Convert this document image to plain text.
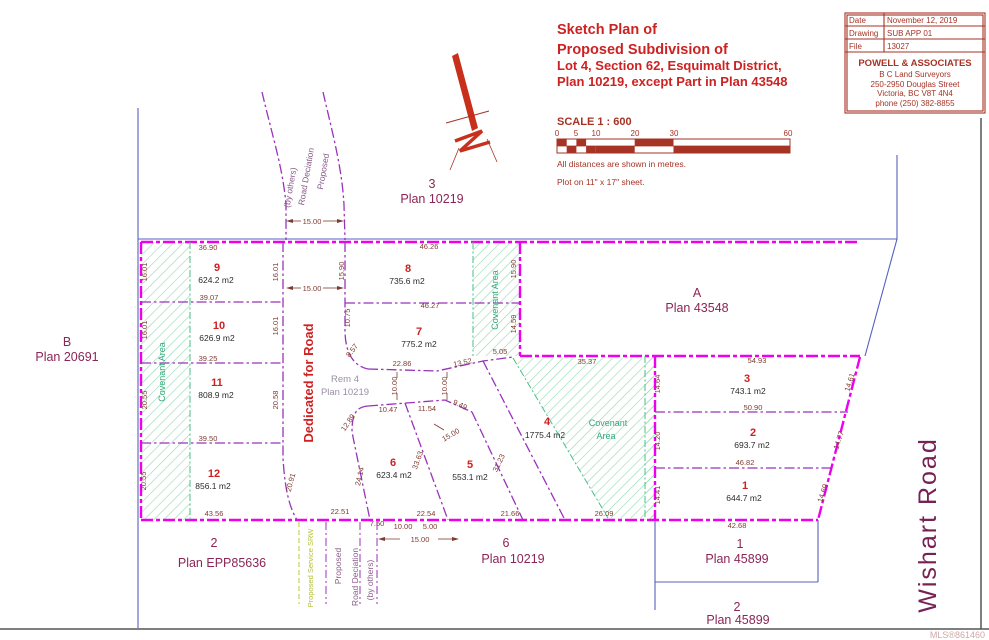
Date	November 12, 2019
Drawing SUB APP 01
File	13027
POWELL & ASSOCIATES
B C Land Surveyors
250-2950 Douglas Street
Victoria, BC V8T 4N4
phone (250) 382-8855
Sketch Plan of
Proposed Subdivision of
Lot 4, Section 62, Esquimalt District,
Plan 10219, except Part in Plan 43548
SCALE 1 : 600
0 5 10	20	30	60
All distances are shown in metres.
Plot on 11" x 17" sheet.
B
Plan 20691
3
Plan 10219
A
Plan 43548
Rem 4
Plan 10219
2
Plan EPP85636
6
Plan 10219
1
Plan 45899
2
Plan 45899
Wishart Road
Dedicated for Road
Proposed
Road Deciation
(by others)
Proposed Service SRW Proposed Road Deciation (by others)
Covenant Area
Covenant Area
Covenant
Area
36.90
16.01	16.01	15.90
46.26
15.90
39.07
16.01	16.01	10.75
46.27
14.59
39.25
20.55	20.58
39.50
20.55	20.91
43.56
8.57
22.86	13.52
5.05
35.37
12.89
24.14
10.47	11.54 9.49
33.63	31.23
22.54	21.66	26.09
22.51
7.50 10.00 5.00
54.93
14.64	14.61
50.90
14.20	14.77
46.82
14.41	14.69
42.68
15.00
15.00
15.00
15.00
10.00	10.00
9
624.2 m2
10
626.9 m2
11
808.9 m2
12
856.1 m2
8
735.6 m2
7
775.2 m2
6
623.4 m2
5
553.1 m2
4
1775.4 m2
3
743.1 m2
2
693.7 m2
1
644.7 m2
MLS®861460
